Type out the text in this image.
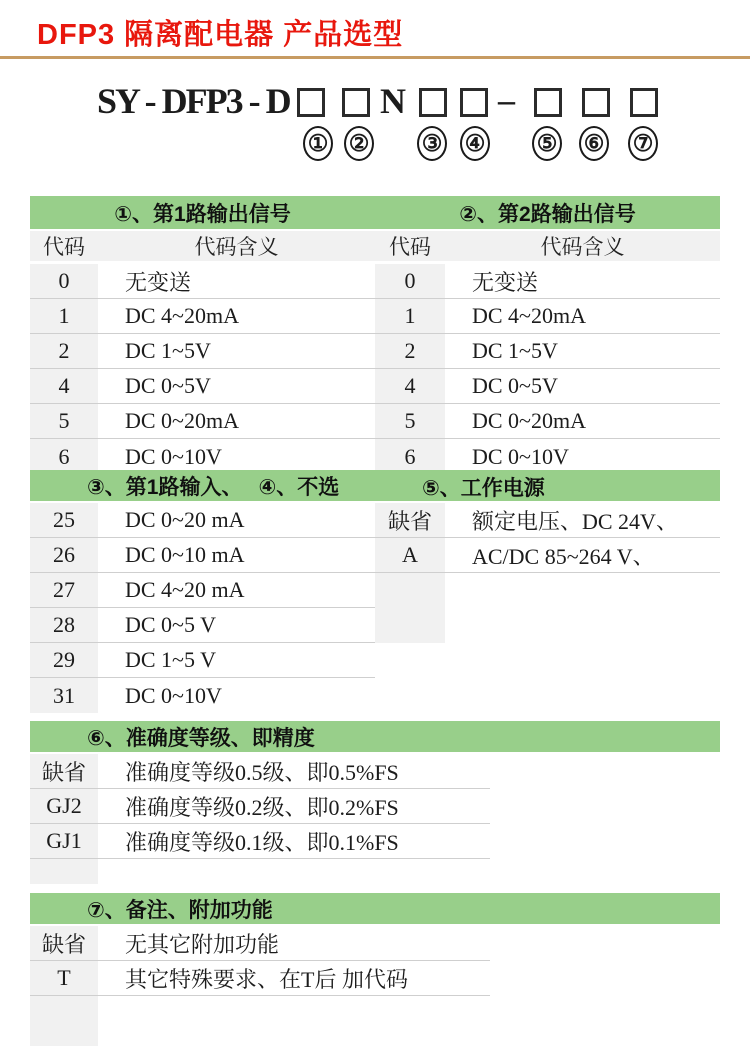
DFP3 隔离配电器 产品选型
SY - DFP3 - D	N	–
① ② ③ ④ ⑤ ⑥ ⑦
①、第1路输出信号	②、第2路输出信号
代码	代码含义	代码	代码含义
0	无变送	0	无变送
1	DC 4~20mA	1	DC 4~20mA
2	DC 1~5V	2	DC 1~5V
4	DC 0~5V	4	DC 0~5V
5	DC 0~20mA	5	DC 0~20mA
6	DC 0~10V	6	DC 0~10V
③、第1路输入、 ④、不选	⑤、工作电源
25	DC 0~20 mA
26	DC 0~10 mA
27	DC 4~20 mA
28	DC 0~5 V
29	DC 1~5 V
31	DC 0~10V
缺省	额定电压、DC 24V、
A	AC/DC 85~264 V、
⑥、准确度等级、即精度
缺省	准确度等级0.5级、即0.5%FS
GJ2	准确度等级0.2级、即0.2%FS
GJ1	准确度等级0.1级、即0.1%FS
⑦、备注、附加功能
缺省	无其它附加功能
T	其它特殊要求、在T后 加代码
